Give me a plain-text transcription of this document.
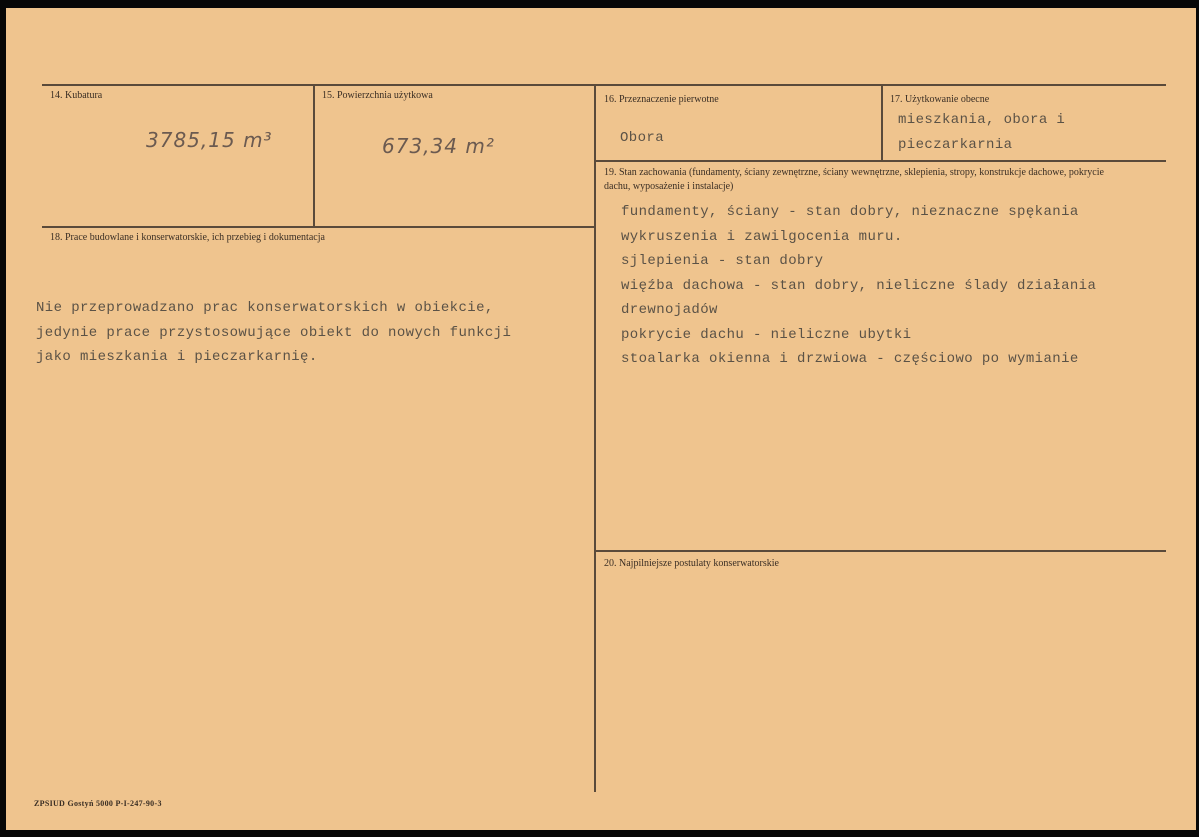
14. Kubatura
3785,15 m³
15. Powierzchnia użytkowa
673,34 m²
16. Przeznaczenie pierwotne
Obora
17. Użytkowanie obecne
mieszkania, obora i
pieczarkarnia
18. Prace budowlane i konserwatorskie, ich przebieg i dokumentacja
Nie przeprowadzano prac konserwatorskich w obiekcie,
jedynie prace przystosowujące obiekt do nowych funkcji
jako mieszkania i pieczarkarnię.
19. Stan zachowania (fundamenty, ściany zewnętrzne, ściany wewnętrzne, sklepienia, stropy, konstrukcje dachowe, pokrycie dachu, wyposażenie i instalacje)
fundamenty, ściany - stan dobry, nieznaczne spękania
wykruszenia i zawilgocenia muru.
sjlepienia - stan dobry
więźba dachowa - stan dobry, nieliczne ślady działania
drewnojadów
pokrycie dachu - nieliczne ubytki
stoalarka okienna i drzwiowa - częściowo po wymianie
20. Najpilniejsze postulaty konserwatorskie
ZPSIUD Gostyń 5000 P-I-247-90-3
